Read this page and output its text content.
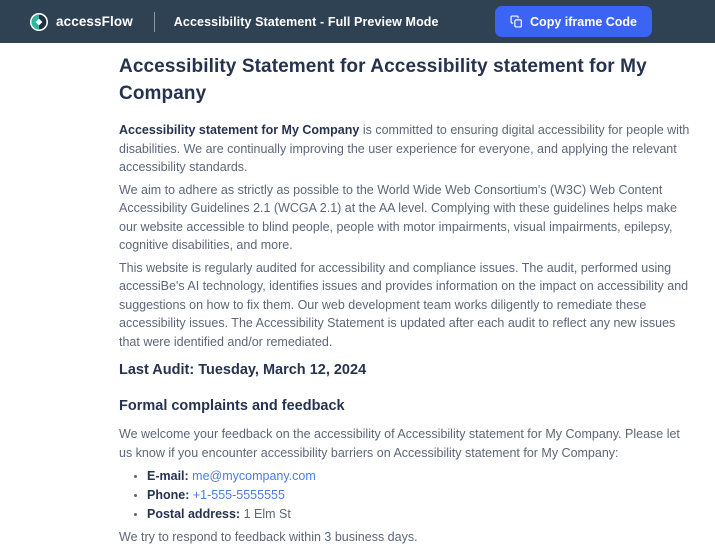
accessFlow	Accessibility Statement - Full Preview Mode	Copy iframe Code
Accessibility Statement for Accessibility statement for My Company

Accessibility statement for My Company is committed to ensuring digital accessibility for people with disabilities. We are continually improving the user experience for everyone, and applying the relevant accessibility standards.

We aim to adhere as strictly as possible to the World Wide Web Consortium's (W3C) Web Content Accessibility Guidelines 2.1 (WCGA 2.1) at the AA level. Complying with these guidelines helps make our website accessible to blind people, people with motor impairments, visual impairments, epilepsy, cognitive disabilities, and more.

This website is regularly audited for accessibility and compliance issues. The audit, performed using accessiBe's AI technology, identifies issues and provides information on the impact on accessibility and suggestions on how to fix them. Our web development team works diligently to remediate these accessibility issues. The Accessibility Statement is updated after each audit to reflect any new issues that were identified and/or remediated.

Last Audit: Tuesday, March 12, 2024

Formal complaints and feedback

We welcome your feedback on the accessibility of Accessibility statement for My Company. Please let us know if you encounter accessibility barriers on Accessibility statement for My Company:

• E-mail: me@mycompany.com
• Phone: +1-555-5555555
• Postal address: 1 Elm St

We try to respond to feedback within 3 business days.
